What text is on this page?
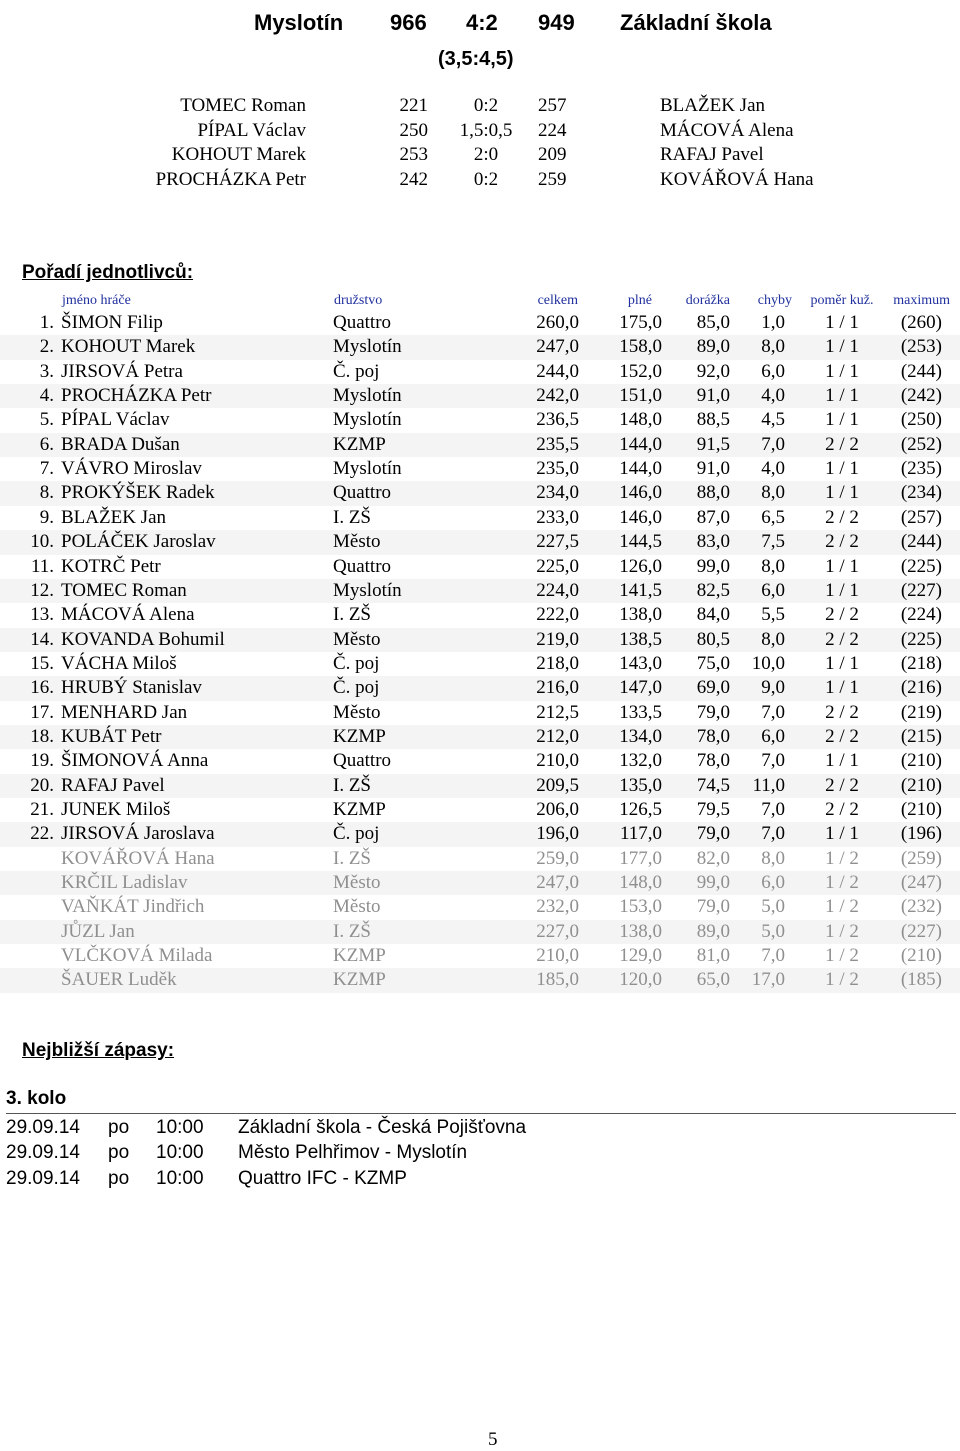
Myslotín 966 4:2 949 Základní škola
(3,5:4,5)
TOMEC Roman	221	0:2	257	BLAŽEK Jan
PÍPAL Václav	250	1,5:0,5	224	MÁCOVÁ Alena
KOHOUT Marek	253	2:0	209	RAFAJ Pavel
PROCHÁZKA Petr	242	0:2	259	KOVÁŘOVÁ Hana
Pořadí jednotlivců:
jméno hráče	družstvo	celkem	plné	dorážka	chyby	poměr kuž.	maximum
1. ŠIMON Filip	Quattro	260,0	175,0	85,0	1,0	1 / 1	(260)
2. KOHOUT Marek	Myslotín	247,0	158,0	89,0	8,0	1 / 1	(253)
3. JIRSOVÁ Petra	Č. poj	244,0	152,0	92,0	6,0	1 / 1	(244)
4. PROCHÁZKA Petr	Myslotín	242,0	151,0	91,0	4,0	1 / 1	(242)
5. PÍPAL Václav	Myslotín	236,5	148,0	88,5	4,5	1 / 1	(250)
6. BRADA Dušan	KZMP	235,5	144,0	91,5	7,0	2 / 2	(252)
7. VÁVRO Miroslav	Myslotín	235,0	144,0	91,0	4,0	1 / 1	(235)
8. PROKÝŠEK Radek	Quattro	234,0	146,0	88,0	8,0	1 / 1	(234)
9. BLAŽEK Jan	I. ZŠ	233,0	146,0	87,0	6,5	2 / 2	(257)
10. POLÁČEK Jaroslav	Město	227,5	144,5	83,0	7,5	2 / 2	(244)
11. KOTRČ Petr	Quattro	225,0	126,0	99,0	8,0	1 / 1	(225)
12. TOMEC Roman	Myslotín	224,0	141,5	82,5	6,0	1 / 1	(227)
13. MÁCOVÁ Alena	I. ZŠ	222,0	138,0	84,0	5,5	2 / 2	(224)
14. KOVANDA Bohumil	Město	219,0	138,5	80,5	8,0	2 / 2	(225)
15. VÁCHA Miloš	Č. poj	218,0	143,0	75,0	10,0	1 / 1	(218)
16. HRUBÝ Stanislav	Č. poj	216,0	147,0	69,0	9,0	1 / 1	(216)
17. MENHARD Jan	Město	212,5	133,5	79,0	7,0	2 / 2	(219)
18. KUBÁT Petr	KZMP	212,0	134,0	78,0	6,0	2 / 2	(215)
19. ŠIMONOVÁ Anna	Quattro	210,0	132,0	78,0	7,0	1 / 1	(210)
20. RAFAJ Pavel	I. ZŠ	209,5	135,0	74,5	11,0	2 / 2	(210)
21. JUNEK Miloš	KZMP	206,0	126,5	79,5	7,0	2 / 2	(210)
22. JIRSOVÁ Jaroslava	Č. poj	196,0	117,0	79,0	7,0	1 / 1	(196)
KOVÁŘOVÁ Hana	I. ZŠ	259,0	177,0	82,0	8,0	1 / 2	(259)
KRČIL Ladislav	Město	247,0	148,0	99,0	6,0	1 / 2	(247)
VAŇKÁT Jindřich	Město	232,0	153,0	79,0	5,0	1 / 2	(232)
JŮZL Jan	I. ZŠ	227,0	138,0	89,0	5,0	1 / 2	(227)
VLČKOVÁ Milada	KZMP	210,0	129,0	81,0	7,0	1 / 2	(210)
ŠAUER Luděk	KZMP	185,0	120,0	65,0	17,0	1 / 2	(185)
Nejbližší zápasy:
3. kolo
29.09.14 po 10:00 Základní škola - Česká Pojišťovna
29.09.14 po 10:00 Město Pelhřimov - Myslotín
29.09.14 po 10:00 Quattro IFC - KZMP
5
